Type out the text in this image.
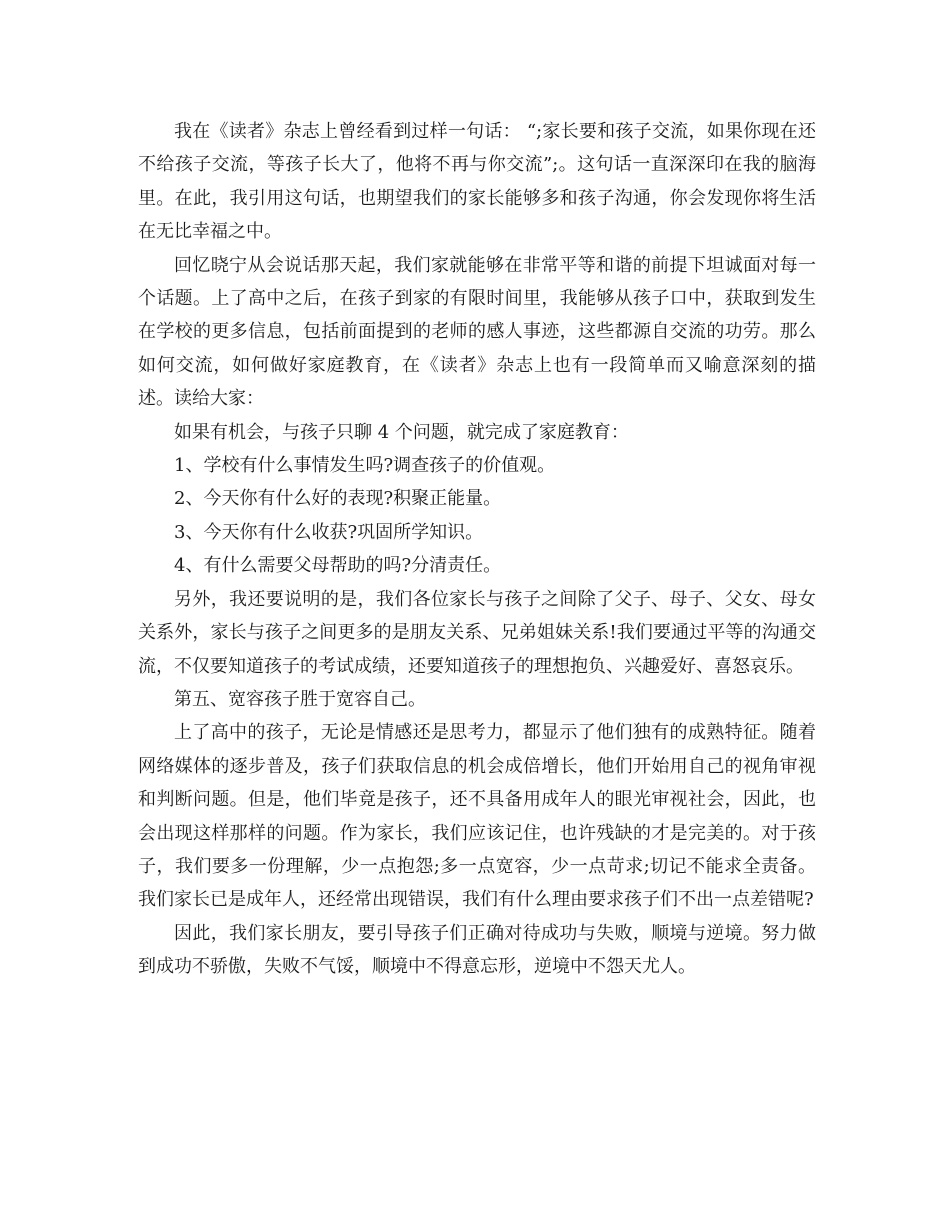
我在《读者》杂志上曾经看到过样一句话： “;家长要和孩子交流，如果你现在还不给孩子交流，等孩子长大了，他将不再与你交流”;。这句话一直深深印在我的脑海里。在此，我引用这句话，也期望我们的家长能够多和孩子沟通，你会发现你将生活在无比幸福之中。

回忆晓宁从会说话那天起，我们家就能够在非常平等和谐的前提下坦诚面对每一个话题。上了高中之后，在孩子到家的有限时间里，我能够从孩子口中，获取到发生在学校的更多信息，包括前面提到的老师的感人事迹，这些都源自交流的功劳。那么如何交流，如何做好家庭教育，在《读者》杂志上也有一段简单而又喻意深刻的描述。读给大家：

如果有机会，与孩子只聊 4 个问题，就完成了家庭教育：

1、学校有什么事情发生吗?调查孩子的价值观。

2、今天你有什么好的表现?积聚正能量。

3、今天你有什么收获?巩固所学知识。

4、有什么需要父母帮助的吗?分清责任。

另外，我还要说明的是，我们各位家长与孩子之间除了父子、母子、父女、母女关系外，家长与孩子之间更多的是朋友关系、兄弟姐妹关系!我们要通过平等的沟通交流，不仅要知道孩子的考试成绩，还要知道孩子的理想抱负、兴趣爱好、喜怒哀乐。

第五、宽容孩子胜于宽容自己。

上了高中的孩子，无论是情感还是思考力，都显示了他们独有的成熟特征。随着网络媒体的逐步普及，孩子们获取信息的机会成倍增长，他们开始用自己的视角审视和判断问题。但是，他们毕竟是孩子，还不具备用成年人的眼光审视社会，因此，也会出现这样那样的问题。作为家长，我们应该记住，也许残缺的才是完美的。对于孩子，我们要多一份理解，少一点抱怨;多一点宽容，少一点苛求;切记不能求全责备。我们家长已是成年人，还经常出现错误，我们有什么理由要求孩子们不出一点差错呢?

因此，我们家长朋友，要引导孩子们正确对待成功与失败，顺境与逆境。努力做到成功不骄傲，失败不气馁，顺境中不得意忘形，逆境中不怨天尤人。
